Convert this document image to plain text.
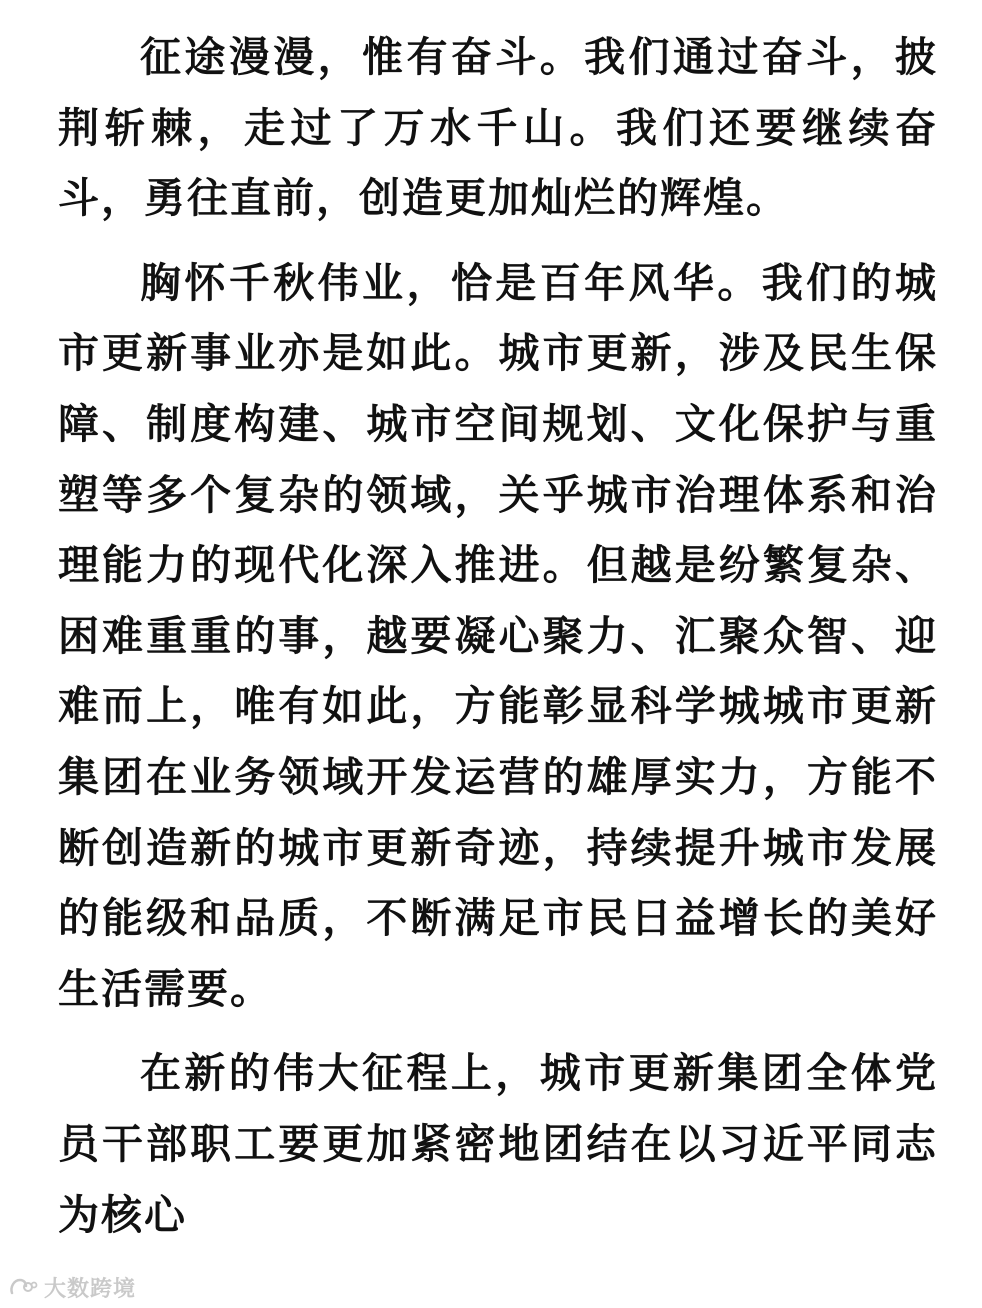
征途漫漫，惟有奋斗。我们通过奋斗，披荆斩棘，走过了万水千山。我们还要继续奋斗，勇往直前，创造更加灿烂的辉煌。

胸怀千秋伟业，恰是百年风华。我们的城市更新事业亦是如此。城市更新，涉及民生保障、制度构建、城市空间规划、文化保护与重塑等多个复杂的领域，关乎城市治理体系和治理能力的现代化深入推进。但越是纷繁复杂、困难重重的事，越要凝心聚力、汇聚众智、迎难而上，唯有如此，方能彰显科学城城市更新集团在业务领域开发运营的雄厚实力，方能不断创造新的城市更新奇迹，持续提升城市发展的能级和品质，不断满足市民日益增长的美好生活需要。

在新的伟大征程上，城市更新集团全体党员干部职工要更加紧密地团结在以习近平同志为核心

大数跨境
